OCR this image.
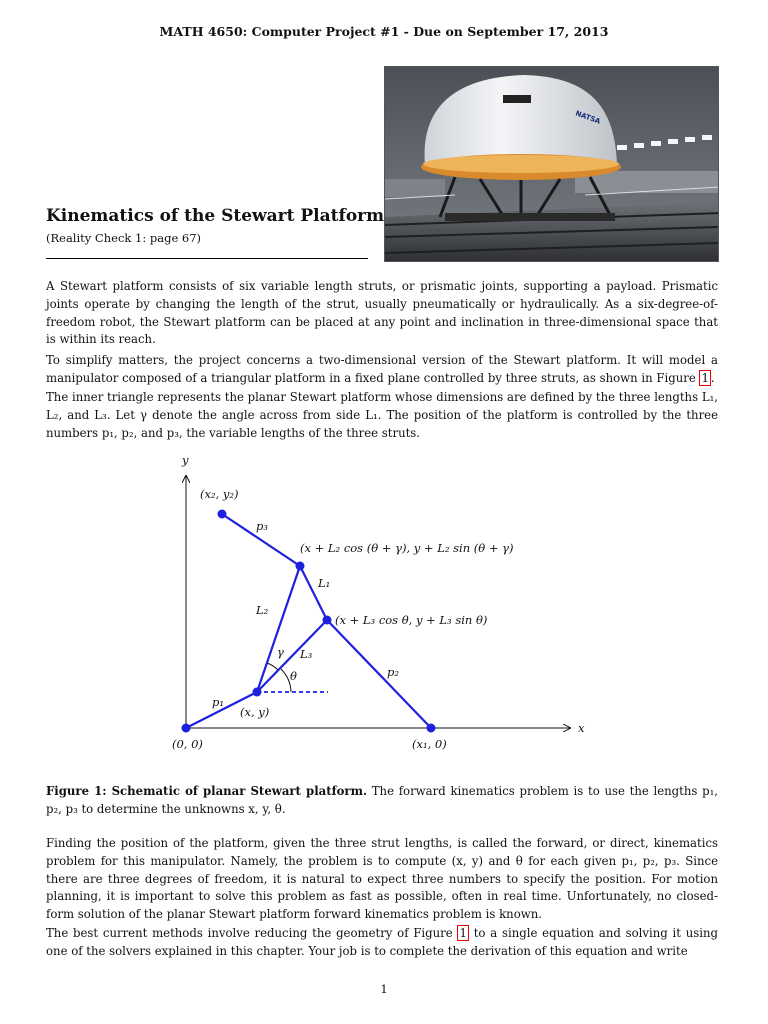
MATH 4650: Computer Project #1 - Due on September 17, 2013
NATSA
Kinematics of the Stewart Platform
(Reality Check 1: page 67)
A Stewart platform consists of six variable length struts, or prismatic joints, supporting a payload. Prismatic joints operate by changing the length of the strut, usually pneumatically or hydraulically. As a six-degree-of-freedom robot, the Stewart platform can be placed at any point and inclination in three-dimensional space that is within its reach.
To simplify matters, the project concerns a two-dimensional version of the Stewart platform. It will model a manipulator composed of a triangular platform in a fixed plane controlled by three struts, as shown in Figure 1 .
The inner triangle represents the planar Stewart platform whose dimensions are defined by the three lengths L₁, L₂, and L₃. Let γ denote the angle across from side L₁. The position of the platform is controlled by the three numbers p₁, p₂, and p₃, the variable lengths of the three struts.
y
x
(x₂, y₂)
p₃
(x + L₂ cos (θ + γ), y + L₂ sin (θ + γ)
L₁
L₂
(x + L₃ cos θ, y + L₃ sin θ)
γ L₃
θ	p₂
p₁
(x, y)
(0, 0)	(x₁, 0)
Figure 1: Schematic of planar Stewart platform. The forward kinematics problem is to use the lengths p₁, p₂, p₃ to determine the unknowns x, y, θ.
Finding the position of the platform, given the three strut lengths, is called the forward, or direct, kinematics problem for this manipulator. Namely, the problem is to compute (x, y) and θ for each given p₁, p₂, p₃. Since there are three degrees of freedom, it is natural to expect three numbers to specify the position. For motion planning, it is important to solve this problem as fast as possible, often in real time. Unfortunately, no closed-form solution of the planar Stewart platform forward kinematics problem is known.
The best current methods involve reducing the geometry of Figure 1 to a single equation and solving it using one of the solvers explained in this chapter. Your job is to complete the derivation of this equation and write
1
